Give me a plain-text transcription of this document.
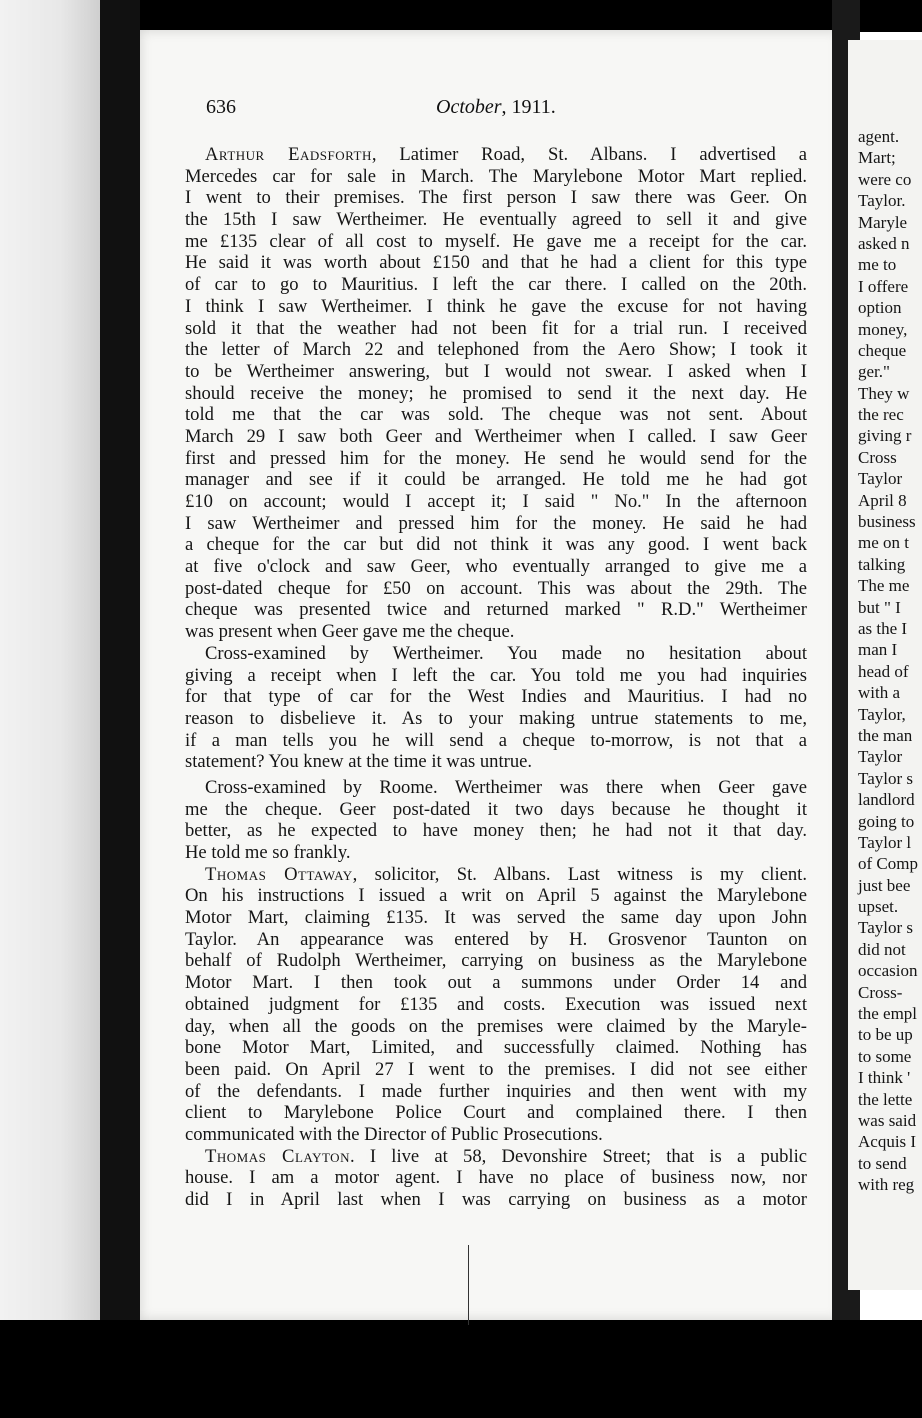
636	October, 1911.
Arthur Eadsforth, Latimer Road, St. Albans. I advertised a
Mercedes car for sale in March. The Marylebone Motor Mart replied.
I went to their premises. The first person I saw there was Geer. On
the 15th I saw Wertheimer. He eventually agreed to sell it and give
me £135 clear of all cost to myself. He gave me a receipt for the car.
He said it was worth about £150 and that he had a client for this type
of car to go to Mauritius. I left the car there. I called on the 20th.
I think I saw Wertheimer. I think he gave the excuse for not having
sold it that the weather had not been fit for a trial run. I received
the letter of March 22 and telephoned from the Aero Show; I took it
to be Wertheimer answering, but I would not swear. I asked when I
should receive the money; he promised to send it the next day. He
told me that the car was sold. The cheque was not sent. About
March 29 I saw both Geer and Wertheimer when I called. I saw Geer
first and pressed him for the money. He send he would send for the
manager and see if it could be arranged. He told me he had got
£10 on account; would I accept it; I said " No." In the afternoon
I saw Wertheimer and pressed him for the money. He said he had
a cheque for the car but did not think it was any good. I went back
at five o'clock and saw Geer, who eventually arranged to give me a
post-dated cheque for £50 on account. This was about the 29th. The
cheque was presented twice and returned marked " R.D." Wertheimer
was present when Geer gave me the cheque.
Cross-examined by Wertheimer. You made no hesitation about
giving a receipt when I left the car. You told me you had inquiries
for that type of car for the West Indies and Mauritius. I had no
reason to disbelieve it. As to your making untrue statements to me,
if a man tells you he will send a cheque to-morrow, is not that a
statement? You knew at the time it was untrue.
Cross-examined by Roome. Wertheimer was there when Geer gave
me the cheque. Geer post-dated it two days because he thought it
better, as he expected to have money then; he had not it that day.
He told me so frankly.
Thomas Ottaway, solicitor, St. Albans. Last witness is my client.
On his instructions I issued a writ on April 5 against the Marylebone
Motor Mart, claiming £135. It was served the same day upon John
Taylor. An appearance was entered by H. Grosvenor Taunton on
behalf of Rudolph Wertheimer, carrying on business as the Marylebone
Motor Mart. I then took out a summons under Order 14 and
obtained judgment for £135 and costs. Execution was issued next
day, when all the goods on the premises were claimed by the Maryle-
bone Motor Mart, Limited, and successfully claimed. Nothing has
been paid. On April 27 I went to the premises. I did not see either
of the defendants. I made further inquiries and then went with my
client to Marylebone Police Court and complained there. I then
communicated with the Director of Public Prosecutions.
Thomas Clayton. I live at 58, Devonshire Street; that is a public
house. I am a motor agent. I have no place of business now, nor
did I in April last when I was carrying on business as a motor
agent.
Mart;
were co
Taylor.
Maryle
asked n
me to
I offere
option
money,
cheque
ger."
They w
the rec
giving r
Cross
Taylor
April 8
business
me on t
talking
The me
but " I
as the I
man I
head of
with a
Taylor,
the man
Taylor
Taylor s
landlord
going to
Taylor l
of Comp
just bee
upset.
Taylor s
did not
occasion
Cross-
the empl
to be up
to some
I think '
the lette
was said
Acquis I
to send
with reg
